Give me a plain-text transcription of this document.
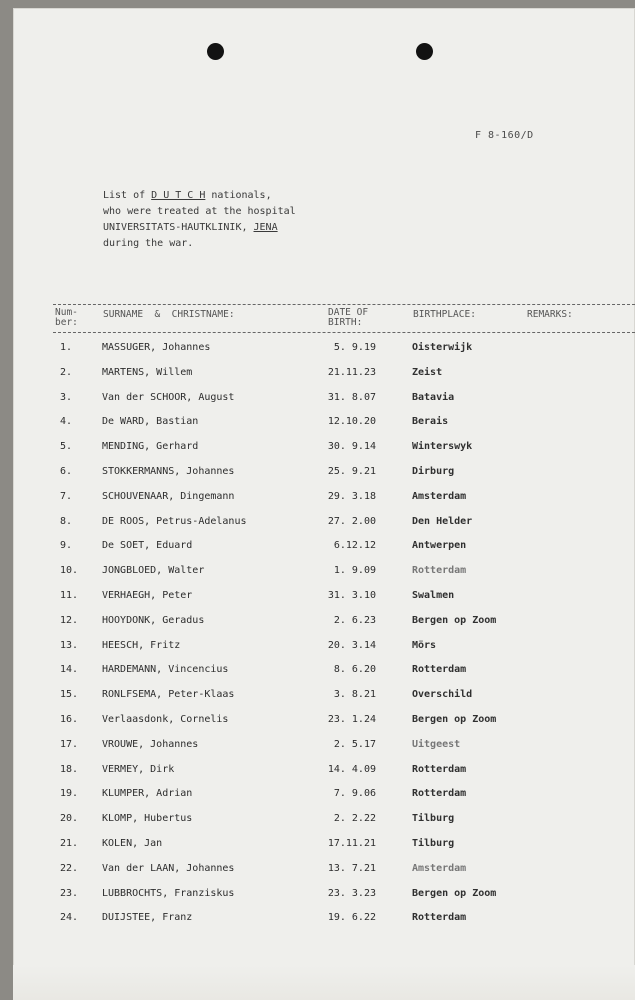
F 8-160/D
List of D U T C H nationals,
who were treated at the hospital
UNIVERSITATS-HAUTKLINIK, JENA
during the war.
Num-
ber:
SURNAME  &  CHRISTNAME:	DATE OF
BIRTH:
BIRTHPLACE:	REMARKS:
1.	MASSUGER, Johannes	5. 9.19	Oisterwijk
2.	MARTENS, Willem	21.11.23	Zeist
3.	Van der SCHOOR, August	31. 8.07	Batavia
4.	De WARD, Bastian	12.10.20	Berais
5.	MENDING, Gerhard	30. 9.14	Winterswyk
6.	STOKKERMANNS, Johannes	25. 9.21	Dirburg
7.	SCHOUVENAAR, Dingemann	29. 3.18	Amsterdam
8.	DE ROOS, Petrus-Adelanus	27. 2.00	Den Helder
9.	De SOET, Eduard	6.12.12	Antwerpen
10. JONGBLOED, Walter	1. 9.09	Rotterdam
11. VERHAEGH, Peter	31. 3.10	Swalmen
12. HOOYDONK, Geradus	2. 6.23	Bergen op Zoom
13. HEESCH, Fritz	20. 3.14	Mörs
14. HARDEMANN, Vincencius	8. 6.20	Rotterdam
15. RONLFSEMA, Peter-Klaas	3. 8.21	Overschild
16. Verlaasdonk, Cornelis	23. 1.24	Bergen op Zoom
17. VROUWE, Johannes	2. 5.17	Uitgeest
18. VERMEY, Dirk	14. 4.09	Rotterdam
19. KLUMPER, Adrian	7. 9.06	Rotterdam
20. KLOMP, Hubertus	2. 2.22	Tilburg
21. KOLEN, Jan	17.11.21	Tilburg
22. Van der LAAN, Johannes	13. 7.21	Amsterdam
23. LUBBROCHTS, Franziskus	23. 3.23	Bergen op Zoom
24. DUIJSTEE, Franz	19. 6.22	Rotterdam
